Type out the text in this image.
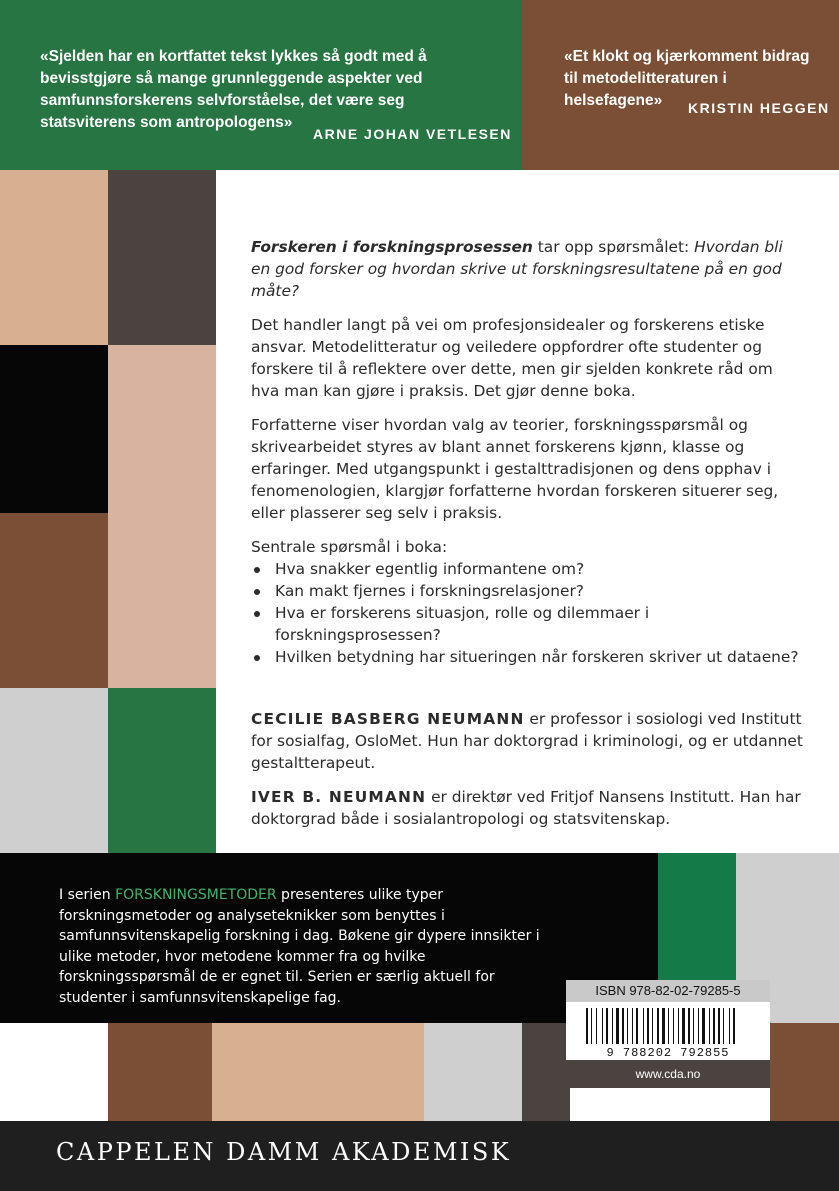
«Sjelden har en kortfattet tekst lykkes så godt med å bevisstgjøre så mange grunnleggende aspekter ved samfunnsforskerens selvforståelse, det være seg statsviterens som antropologens»
ARNE JOHAN VETLESEN
«Et klokt og kjærkomment bidrag til metodelitteraturen i helsefagene»	KRISTIN HEGGEN

Forskeren i forskningsprosessen tar opp spørsmålet: Hvordan bli en god forsker og hvordan skrive ut forskningsresultatene på en god måte?

Det handler langt på vei om profesjonsidealer og forskerens etiske ansvar. Metodelitteratur og veiledere oppfordrer ofte studenter og forskere til å reflektere over dette, men gir sjelden konkrete råd om hva man kan gjøre i praksis. Det gjør denne boka.

Forfatterne viser hvordan valg av teorier, forskningsspørsmål og skrivearbeidet styres av blant annet forskerens kjønn, klasse og erfaringer. Med utgangspunkt i gestalttradisjonen og dens opphav i fenomenologien, klargjør forfatterne hvordan forskeren situerer seg, eller plasserer seg selv i praksis.

Sentrale spørsmål i boka:

Hva snakker egentlig informantene om?
Kan makt fjernes i forskningsrelasjoner?
Hva er forskerens situasjon, rolle og dilemmaer i forskningsprosessen?
Hvilken betydning har situeringen når forskeren skriver ut dataene?

CECILIE BASBERG NEUMANN er professor i sosiologi ved Institutt for sosialfag, OsloMet. Hun har doktorgrad i kriminologi, og er utdannet gestaltterapeut.

IVER B. NEUMANN er direktør ved Fritjof Nansens Institutt. Han har doktorgrad både i sosialantropologi og statsvitenskap.

I serien FORSKNINGSMETODER presenteres ulike typer forskningsmetoder og analyseteknikker som benyttes i samfunnsvitenskapelig forskning i dag. Bøkene gir dypere innsikter i ulike metoder, hvor metodene kommer fra og hvilke forskningsspørsmål de er egnet til. Serien er særlig aktuell for studenter i samfunnsvitenskapelige fag.	ISBN 978-82-02-79285-5
9 788202 792855
www.cda.no
CAPPELEN DAMM AKADEMISK
